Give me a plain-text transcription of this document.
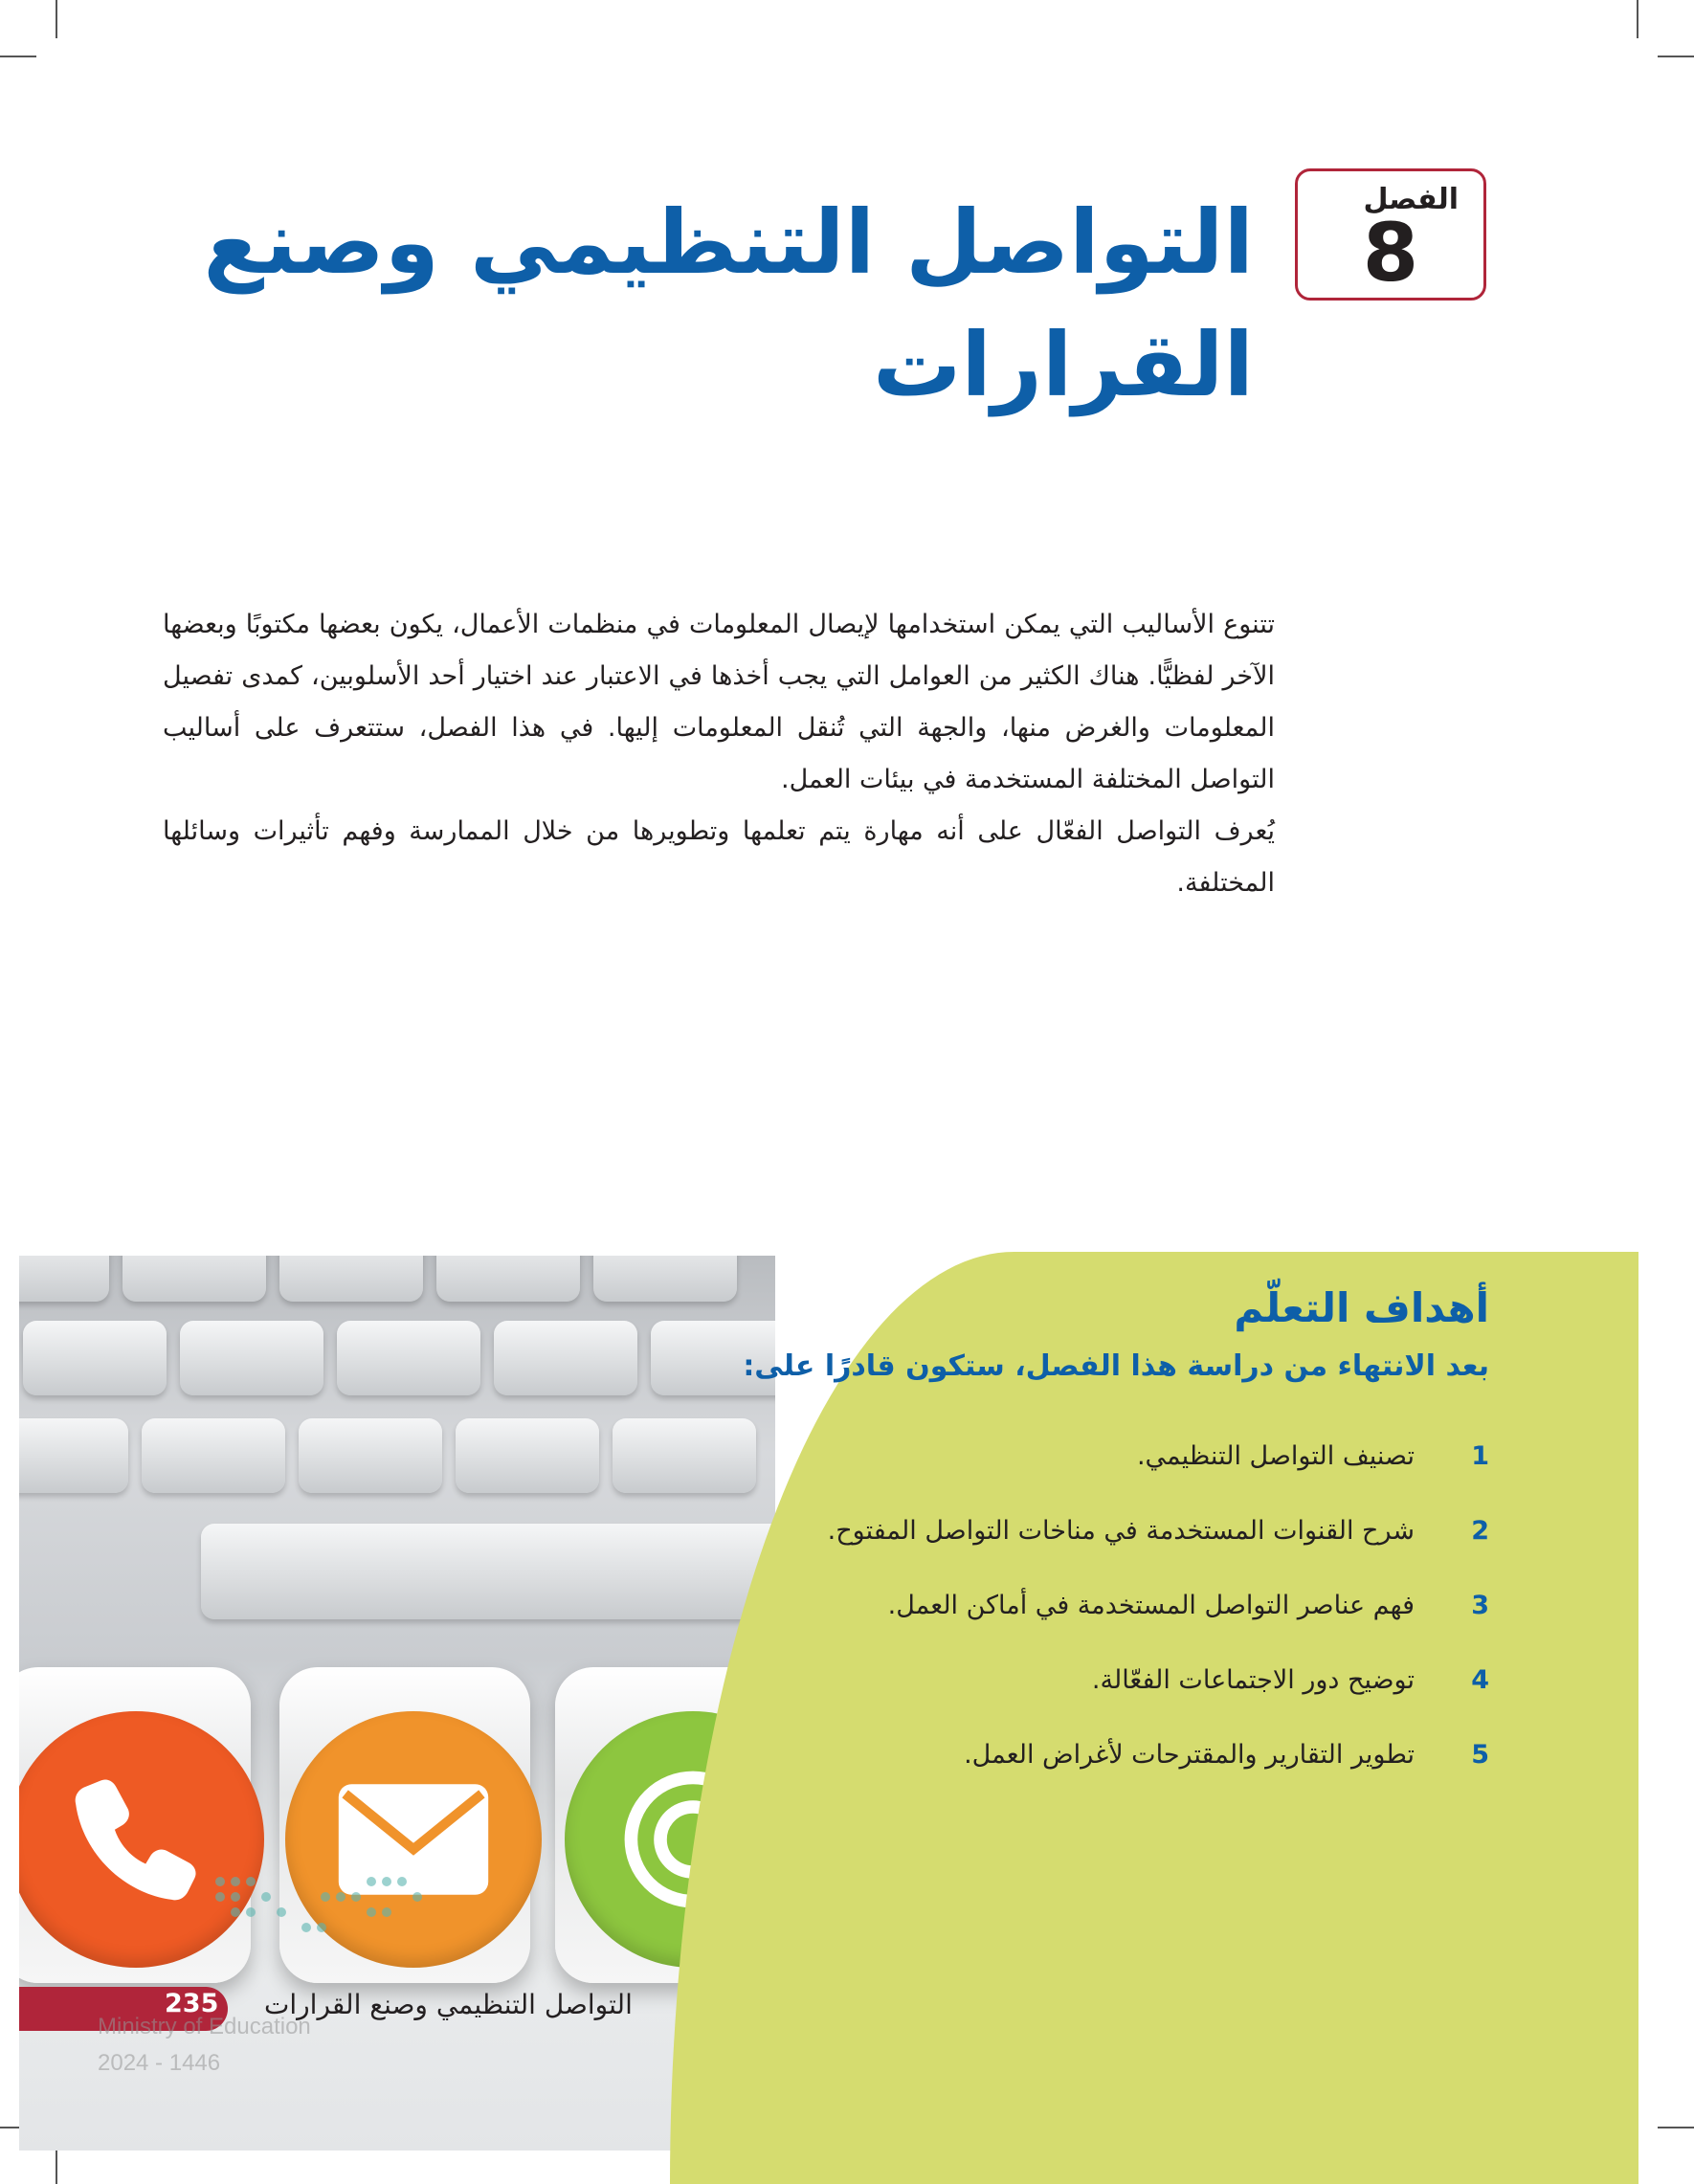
الفصل
8
التواصل التنظيمي وصنع القرارات

تتنوع الأساليب التي يمكن استخدامها لإيصال المعلومات في منظمات الأعمال، يكون بعضها مكتوبًا وبعضها الآخر لفظيًّا. هناك الكثير من العوامل التي يجب أخذها في الاعتبار عند اختيار أحد الأسلوبين، كمدى تفصيل المعلومات والغرض منها، والجهة التي تُنقل المعلومات إليها. في هذا الفصل، ستتعرف على أساليب التواصل المختلفة المستخدمة في بيئات العمل.

يُعرف التواصل الفعّال على أنه مهارة يتم تعلمها وتطويرها من خلال الممارسة وفهم تأثيرات وسائلها المختلفة.

أهداف التعلّم
بعد الانتهاء من دراسة هذا الفصل، ستكون قادرًا على:
1
تصنيف التواصل التنظيمي.
2
شرح القنوات المستخدمة في مناخات التواصل المفتوح.
3
فهم عناصر التواصل المستخدمة في أماكن العمل.
4
توضيح دور الاجتماعات الفعّالة.
5
تطوير التقارير والمقترحات لأغراض العمل.
235 التواصل التنظيمي وصنع القرارات
Ministry of Education
2024 - 1446
